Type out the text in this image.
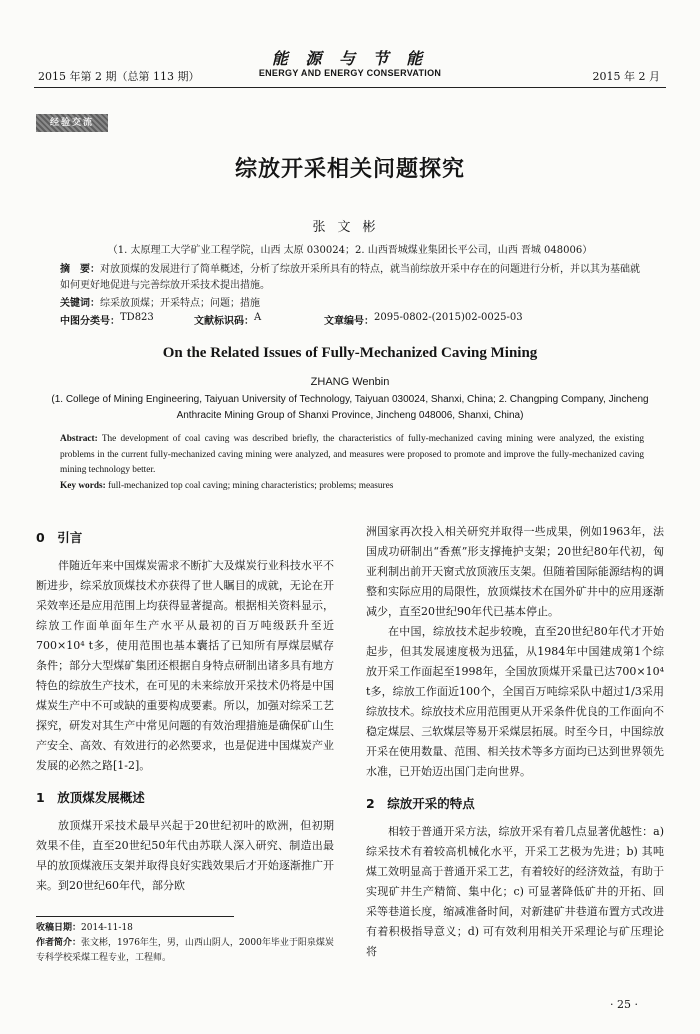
2015 年第 2 期（总第 113 期）
能 源 与 节 能
ENERGY AND ENERGY CONSERVATION	2015 年 2 月
经验交流
综放开采相关问题探究
张文彬
（1. 太原理工大学矿业工程学院，山西 太原 030024；2. 山西晋城煤业集团长平公司，山西 晋城 048006）
摘　要：对放顶煤的发展进行了简单概述，分析了综放开采所具有的特点，就当前综放开采中存在的问题进行分析，并以其为基础就如何更好地促进与完善综放开采技术提出措施。
关键词：综采放顶煤；开采特点；问题；措施
中图分类号： TD823	文献标识码： A	文章编号： 2095-0802-(2015)02-0025-03
On the Related Issues of Fully-Mechanized Caving Mining
ZHANG Wenbin
(1. College of Mining Engineering, Taiyuan University of Technology, Taiyuan 030024, Shanxi, China; 2. Changping Company, Jincheng Anthracite Mining Group of Shanxi Province, Jincheng 048006, Shanxi, China)
Abstract: The development of coal caving was described briefly, the characteristics of fully-mechanized caving mining were analyzed, the existing problems in the current fully-mechanized caving mining were analyzed, and measures were proposed to promote and improve the fully-mechanized caving mining technology better.
Key words: full-mechanized top coal caving; mining characteristics; problems; measures
0　引言

伴随近年来中国煤炭需求不断扩大及煤炭行业科技水平不断进步，综采放顶煤技术亦获得了世人瞩目的成就，无论在开采效率还是应用范围上均获得显著提高。根据相关资料显示，综放工作面单面年生产水平从最初的百万吨级跃升至近700×10⁴ t多，使用范围也基本囊括了已知所有厚煤层赋存条件；部分大型煤矿集团还根据自身特点研制出诸多具有地方特色的综放生产技术，在可见的未来综放开采技术仍将是中国煤炭生产中不可或缺的重要构成要素。所以，加强对综采工艺探究，研发对其生产中常见问题的有效治理措施是确保矿山生产安全、高效、有效进行的必然要求，也是促进中国煤炭产业发展的必然之路[1-2]。

1　放顶煤发展概述

放顶煤开采技术最早兴起于20世纪初叶的欧洲，但初期效果不佳，直至20世纪50年代由苏联人深入研究、制造出最早的放顶煤液压支架并取得良好实践效果后才开始逐渐推广开来。到20世纪60年代，部分欧

洲国家再次投入相关研究并取得一些成果，例如1963年，法国成功研制出“香蕉”形支撑掩护支架；20世纪80年代初，匈亚利制出前开天窗式放顶液压支架。但随着国际能源结构的调整和实际应用的局限性，放顶煤技术在国外矿井中的应用逐渐减少，直至20世纪90年代已基本停止。

在中国，综放技术起步较晚，直至20世纪80年代才开始起步，但其发展速度极为迅猛，从1984年中国建成第1个综放开采工作面起至1998年，全国放顶煤开采量已达700×10⁴ t多，综放工作面近100个，全国百万吨综采队中超过1/3采用综放技术。综放技术应用范围更从开采条件优良的工作面向不稳定煤层、三软煤层等易开采煤层拓展。时至今日，中国综放开采在使用数量、范围、相关技术等多方面均已达到世界领先水准，已开始迈出国门走向世界。

2　综放开采的特点

相较于普通开采方法，综放开采有着几点显著优越性：a) 综采技术有着较高机械化水平，开采工艺极为先进；b) 其吨煤工效明显高于普通开采工艺，有着较好的经济效益，有助于实现矿井生产精简、集中化；c) 可显著降低矿井的开拓、回采等巷道长度，缩减准备时间，对新建矿井巷道布置方式改进有着积极指导意义；d) 可有效利用相关开采理论与矿压理论将

收稿日期：2014-11-18
作者简介：张文彬，1976年生，男，山西山阴人，2000年毕业于阳泉煤炭专科学校采煤工程专业，工程师。
· 25 ·
